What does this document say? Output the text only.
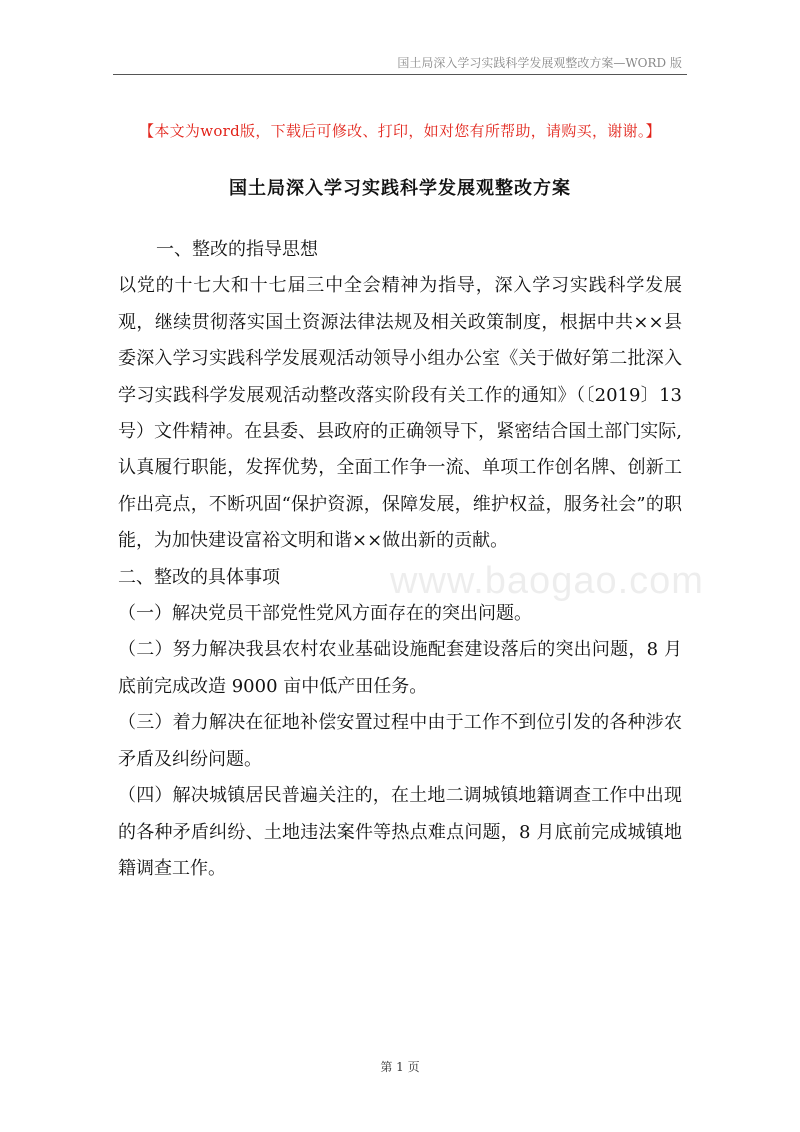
国土局深入学习实践科学发展观整改方案—WORD 版
【本文为word版，下载后可修改、打印，如对您有所帮助，请购买，谢谢。】
国土局深入学习实践科学发展观整改方案

一、整改的指导思想

以党的十七大和十七届三中全会精神为指导，深入学习实践科学发展观，继续贯彻落实国土资源法律法规及相关政策制度，根据中共××县委深入学习实践科学发展观活动领导小组办公室《关于做好第二批深入学习实践科学发展观活动整改落实阶段有关工作的通知》（〔2019〕13 号）文件精神。在县委、县政府的正确领导下，紧密结合国土部门实际,认真履行职能，发挥优势，全面工作争一流、单项工作创名牌、创新工作出亮点，不断巩固“保护资源，保障发展，维护权益，服务社会”的职能，为加快建设富裕文明和谐××做出新的贡献。

二、整改的具体事项

（一）解决党员干部党性党风方面存在的突出问题。

（二）努力解决我县农村农业基础设施配套建设落后的突出问题，8 月底前完成改造 9000 亩中低产田任务。

（三）着力解决在征地补偿安置过程中由于工作不到位引发的各种涉农矛盾及纠纷问题。

（四）解决城镇居民普遍关注的，在土地二调城镇地籍调查工作中出现的各种矛盾纠纷、土地违法案件等热点难点问题，8 月底前完成城镇地籍调查工作。

www.baogao.com
第 1 页
